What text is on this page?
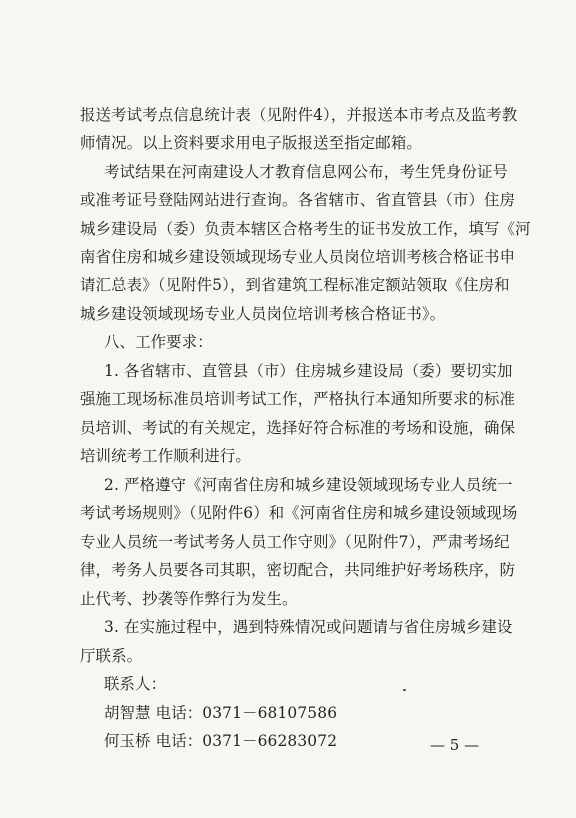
报送考试考点信息统计表（见附件4），并报送本市考点及监考教
师情况。以上资料要求用电子版报送至指定邮箱。
考试结果在河南建设人才教育信息网公布，考生凭身份证号
或准考证号登陆网站进行查询。各省辖市、省直管县（市）住房
城乡建设局（委）负责本辖区合格考生的证书发放工作，填写《河
南省住房和城乡建设领域现场专业人员岗位培训考核合格证书申
请汇总表》（见附件5），到省建筑工程标准定额站领取《住房和
城乡建设领域现场专业人员岗位培训考核合格证书》。
八、工作要求：
1. 各省辖市、直管县（市）住房城乡建设局（委）要切实加
强施工现场标准员培训考试工作，严格执行本通知所要求的标准
员培训、考试的有关规定，选择好符合标准的考场和设施，确保
培训统考工作顺利进行。
2. 严格遵守《河南省住房和城乡建设领域现场专业人员统一
考试考场规则》（见附件6）和《河南省住房和城乡建设领域现场
专业人员统一考试考务人员工作守则》（见附件7），严肃考场纪
律，考务人员要各司其职，密切配合，共同维护好考场秩序，防
止代考、抄袭等作弊行为发生。
3. 在实施过程中，遇到特殊情况或问题请与省住房城乡建设
厅联系。
联系人：
胡智慧 电话：0371－68107586
何玉桥 电话：0371－66283072	— 5 —
